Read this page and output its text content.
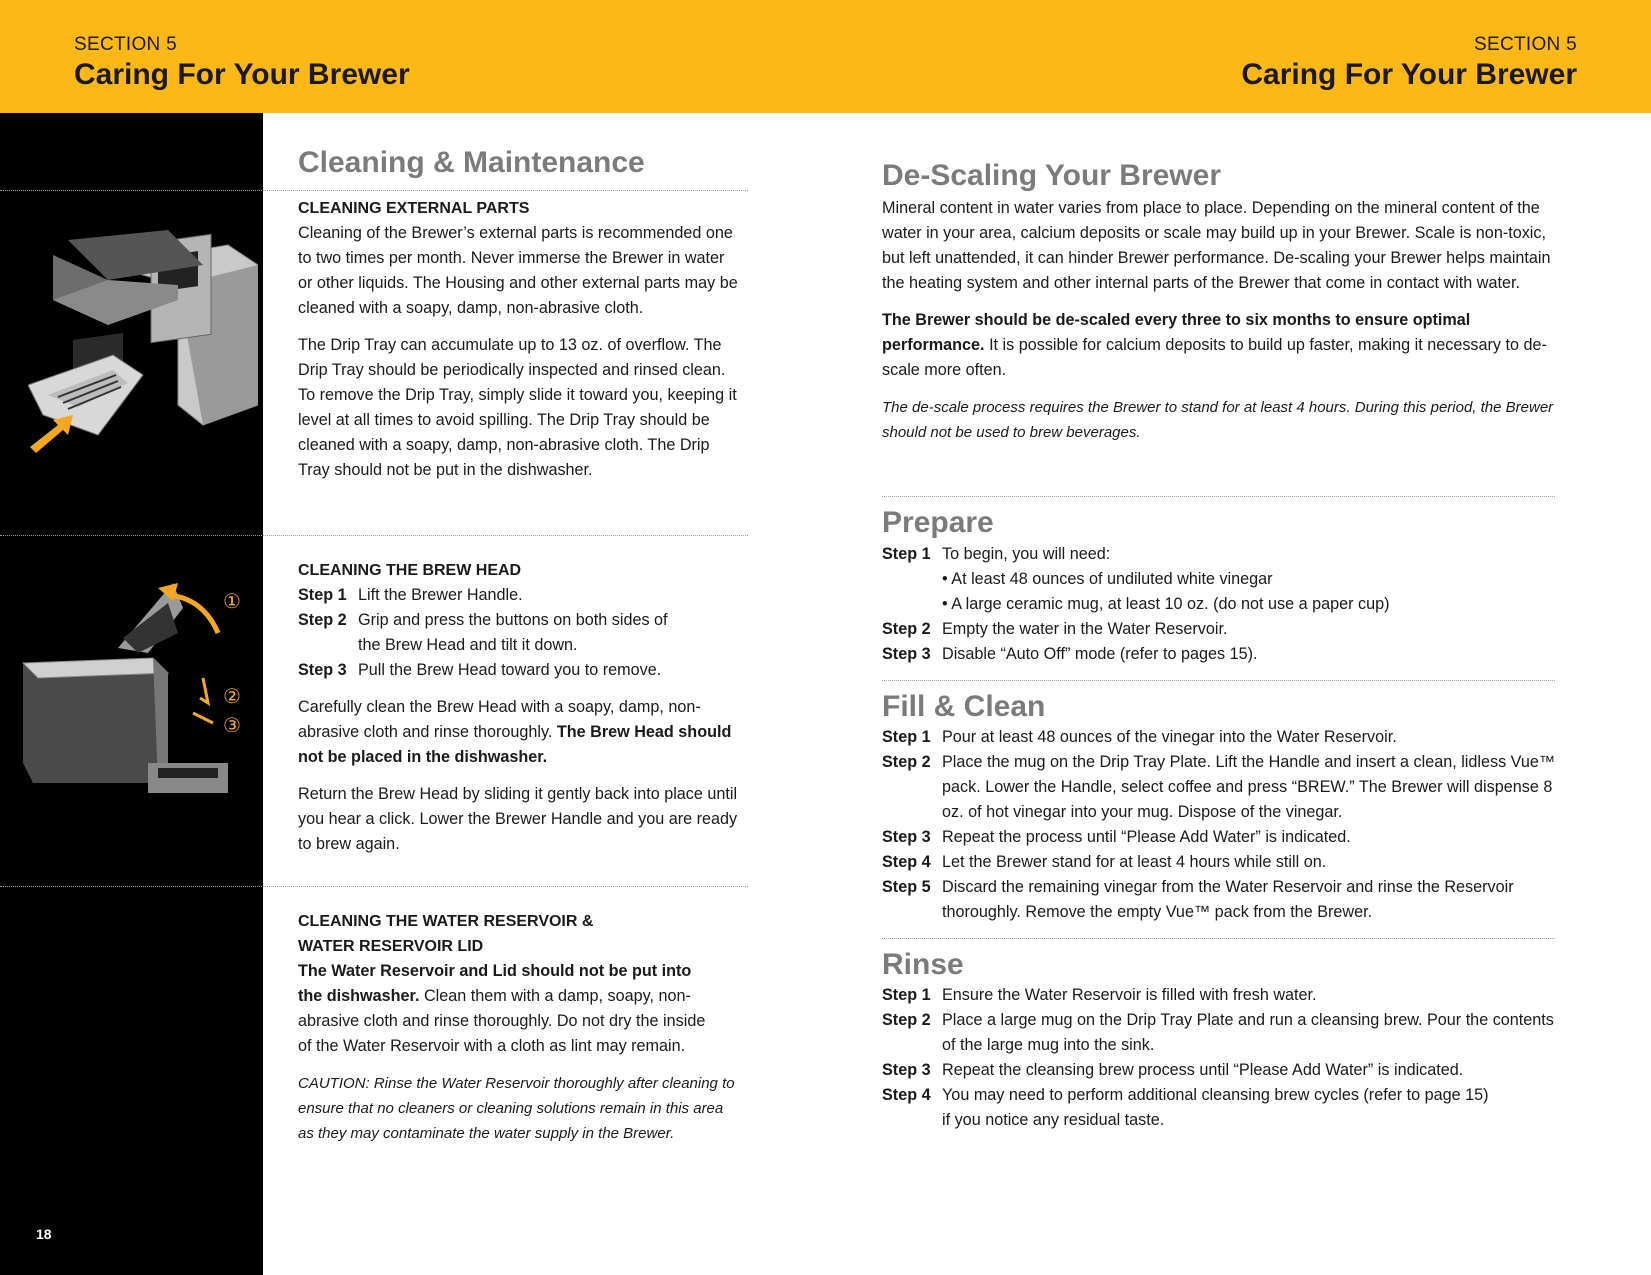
SECTION 5
Caring For Your Brewer
SECTION 5
Caring For Your Brewer
①
②
③
18
Cleaning & Maintenance
CLEANING EXTERNAL PARTS

Cleaning of the Brewer’s external parts is recommended one to two times per month. Never immerse the Brewer in water or other liquids. The Housing and other external parts may be cleaned with a soapy, damp, non-abrasive cloth.

The Drip Tray can accumulate up to 13 oz. of overflow. The Drip Tray should be periodically inspected and rinsed clean. To remove the Drip Tray, simply slide it toward you, keeping it level at all times to avoid spilling. The Drip Tray should be cleaned with a soapy, damp, non-abrasive cloth. The Drip Tray should not be put in the dishwasher.

CLEANING THE BREW HEAD
Step 1 Lift the Brewer Handle.
Step 2 Grip and press the buttons on both sides of the Brew Head and tilt it down.
Step 3 Pull the Brew Head toward you to remove.

Carefully clean the Brew Head with a soapy, damp, non-abrasive cloth and rinse thoroughly. The Brew Head should not be placed in the dishwasher.

Return the Brew Head by sliding it gently back into place until you hear a click. Lower the Brewer Handle and you are ready to brew again.

CLEANING THE WATER RESERVOIR & WATER RESERVOIR LID

The Water Reservoir and Lid should not be put into the dishwasher. Clean them with a damp, soapy, non-abrasive cloth and rinse thoroughly. Do not dry the inside of the Water Reservoir with a cloth as lint may remain.

CAUTION: Rinse the Water Reservoir thoroughly after cleaning to ensure that no cleaners or cleaning solutions remain in this area as they may contaminate the water supply in the Brewer.

De-Scaling Your Brewer

Mineral content in water varies from place to place. Depending on the mineral content of the water in your area, calcium deposits or scale may build up in your Brewer. Scale is non-toxic, but left unattended, it can hinder Brewer performance. De-scaling your Brewer helps maintain the heating system and other internal parts of the Brewer that come in contact with water.

The Brewer should be de-scaled every three to six months to ensure optimal performance. It is possible for calcium deposits to build up faster, making it necessary to de-scale more often.

The de-scale process requires the Brewer to stand for at least 4 hours. During this period, the Brewer should not be used to brew beverages.

Prepare
Step 1 To begin, you will need:
• At least 48 ounces of undiluted white vinegar
• A large ceramic mug, at least 10 oz. (do not use a paper cup)
Step 2 Empty the water in the Water Reservoir.
Step 3 Disable “Auto Off” mode (refer to pages 15).
Fill & Clean
Step 1 Pour at least 48 ounces of the vinegar into the Water Reservoir.
Step 2 Place the mug on the Drip Tray Plate. Lift the Handle and insert a clean, lidless Vue™ pack. Lower the Handle, select coffee and press “BREW.” The Brewer will dispense 8 oz. of hot vinegar into your mug. Dispose of the vinegar.
Step 3 Repeat the process until “Please Add Water” is indicated.
Step 4 Let the Brewer stand for at least 4 hours while still on.
Step 5 Discard the remaining vinegar from the Water Reservoir and rinse the Reservoir thoroughly. Remove the empty Vue™ pack from the Brewer.
Rinse
Step 1 Ensure the Water Reservoir is filled with fresh water.
Step 2 Place a large mug on the Drip Tray Plate and run a cleansing brew. Pour the contents of the large mug into the sink.
Step 3 Repeat the cleansing brew process until “Please Add Water” is indicated.
Step 4 You may need to perform additional cleansing brew cycles (refer to page 15) if you notice any residual taste.
